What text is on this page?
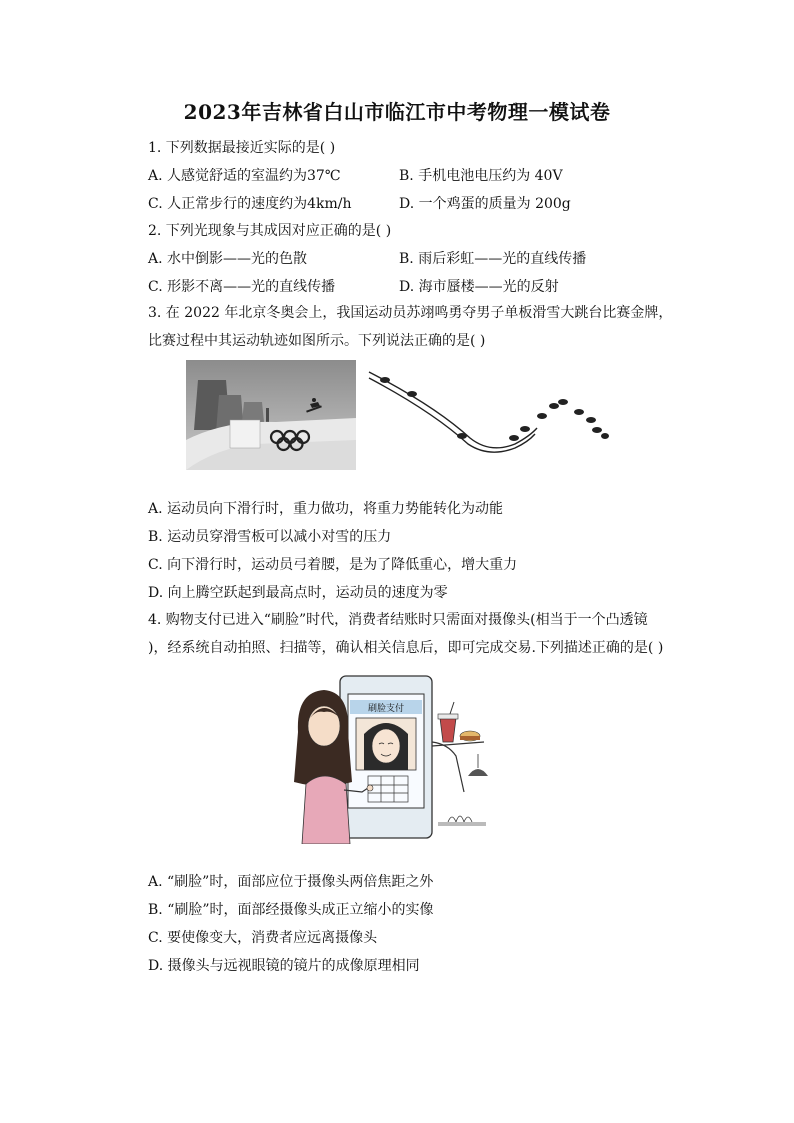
2023年吉林省白山市临江市中考物理一模试卷
1. 下列数据最接近实际的是( )
A. 人感觉舒适的室温约为37℃	B. 手机电池电压约为 40V
C. 人正常步行的速度约为4km/h	D. 一个鸡蛋的质量为 200g
2. 下列光现象与其成因对应正确的是( )
A. 水中倒影——光的色散	B. 雨后彩虹——光的直线传播
C. 形影不离——光的直线传播	D. 海市蜃楼——光的反射
3. 在 2022 年北京冬奥会上，我国运动员苏翊鸣勇夺男子单板滑雪大跳台比赛金牌，
比赛过程中其运动轨迹如图所示。下列说法正确的是( )
A. 运动员向下滑行时，重力做功，将重力势能转化为动能
B. 运动员穿滑雪板可以减小对雪的压力
C. 向下滑行时，运动员弓着腰，是为了降低重心，增大重力
D. 向上腾空跃起到最高点时，运动员的速度为零
4. 购物支付已进入“刷脸”时代，消费者结账时只需面对摄像头(相当于一个凸透镜
)，经系统自动拍照、扫描等，确认相关信息后，即可完成交易.下列描述正确的是( )
刷脸支付
A. “刷脸”时，面部应位于摄像头两倍焦距之外
B. “刷脸”时，面部经摄像头成正立缩小的实像
C. 要使像变大，消费者应远离摄像头
D. 摄像头与远视眼镜的镜片的成像原理相同
